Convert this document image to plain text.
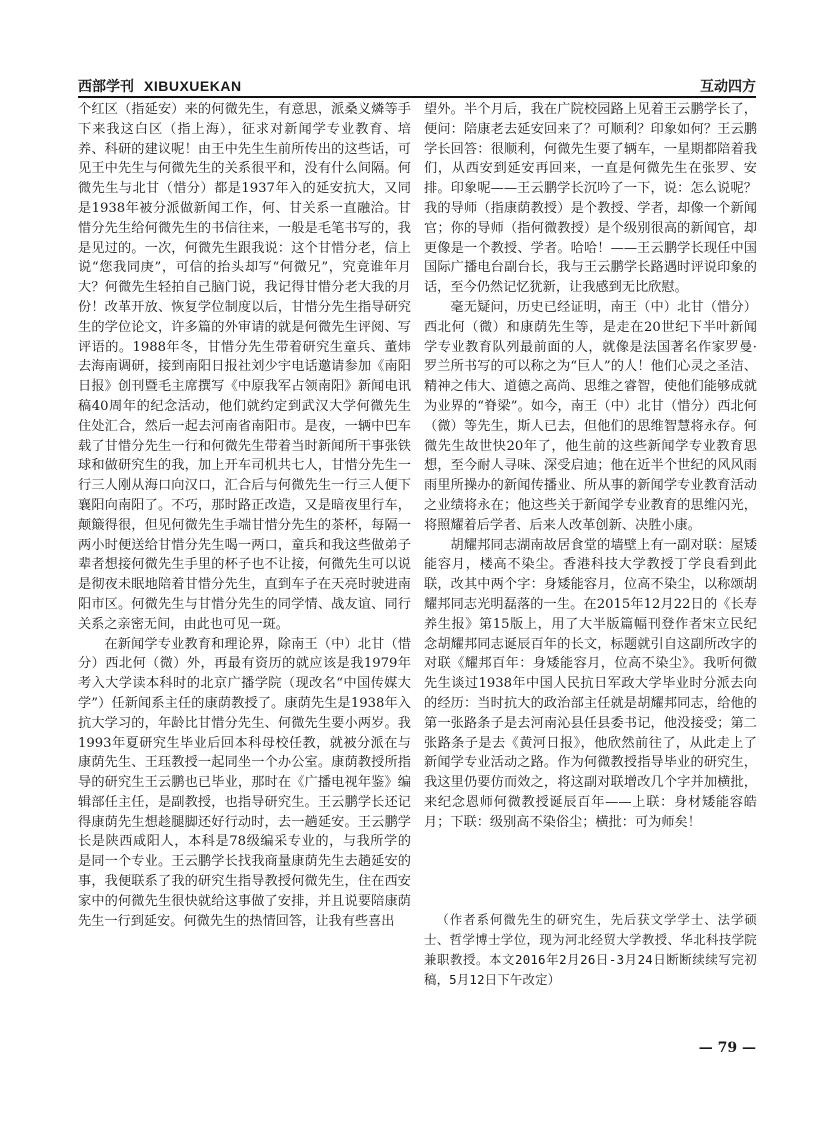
西部学刊 XIBUXUEKAN	互动四方

个红区（指延安）来的何微先生，有意思，派桑义燐等手下来我这白区（指上海），征求对新闻学专业教育、培养、科研的建议呢！由王中先生生前所传出的这些话，可见王中先生与何微先生的关系很平和，没有什么间隔。何微先生与北甘（惜分）都是1937年入的延安抗大，又同是1938年被分派做新闻工作，何、甘关系一直融洽。甘惜分先生给何微先生的书信往来，一般是毛笔书写的，我是见过的。一次，何微先生跟我说：这个甘惜分老，信上说“您我同庚”，可信的抬头却写“何微兄”，究竟谁年月大？何微先生轻拍自己脑门说，我记得甘惜分老大我的月份！改革开放、恢复学位制度以后，甘惜分先生指导研究生的学位论文，许多篇的外审请的就是何微先生评阅、写评语的。1988年冬，甘惜分先生带着研究生童兵、董炜去海南调研，接到南阳日报社刘少宇电话邀请参加《南阳日报》创刊暨毛主席撰写《中原我军占领南阳》新闻电讯稿40周年的纪念活动，他们就约定到武汉大学何微先生住处汇合，然后一起去河南省南阳市。是夜，一辆中巴车载了甘惜分先生一行和何微先生带着当时新闻所干事张铁球和做研究生的我，加上开车司机共七人，甘惜分先生一行三人刚从海口向汉口，汇合后与何微先生一行三人便下襄阳向南阳了。不巧，那时路正改造，又是暗夜里行车，颠簸得很，但见何微先生手端甘惜分先生的茶杯，每隔一两小时便送给甘惜分先生喝一两口，童兵和我这些做弟子辈者想接何微先生手里的杯子也不让接，何微先生可以说是彻夜未眠地陪着甘惜分先生，直到车子在天亮时驶进南阳市区。何微先生与甘惜分先生的同学情、战友谊、同行关系之亲密无间，由此也可见一斑。

在新闻学专业教育和理论界，除南王（中）北甘（惜分）西北何（微）外，再最有资历的就应该是我1979年考入大学读本科时的北京广播学院（现改名“中国传媒大学”）任新闻系主任的康荫教授了。康荫先生是1938年入抗大学习的，年龄比甘惜分先生、何微先生要小两岁。我1993年夏研究生毕业后回本科母校任教，就被分派在与康荫先生、王珏教授一起同坐一个办公室。康荫教授所指导的研究生王云鹏也已毕业，那时在《广播电视年鉴》编辑部任主任，是副教授，也指导研究生。王云鹏学长还记得康荫先生想趁腿脚还好行动时，去一趟延安。王云鹏学长是陕西咸阳人，本科是78级编采专业的，与我所学的是同一个专业。王云鹏学长找我商量康荫先生去趟延安的事，我便联系了我的研究生指导教授何微先生，住在西安家中的何微先生很快就给这事做了安排，并且说要陪康荫先生一行到延安。何微先生的热情回答，让我有些喜出

望外。半个月后，我在广院校园路上见着王云鹏学长了，便问：陪康老去延安回来了？可顺利？印象如何？王云鹏学长回答：很顺利，何微先生要了辆车，一星期都陪着我们，从西安到延安再回来，一直是何微先生在张罗、安排。印象呢——王云鹏学长沉吟了一下，说：怎么说呢？我的导师（指康荫教授）是个教授、学者，却像一个新闻官；你的导师（指何微教授）是个级别很高的新闻官，却更像是一个教授、学者。哈哈！——王云鹏学长现任中国国际广播电台副台长，我与王云鹏学长路遇时评说印象的话，至今仍然记忆犹新，让我感到无比欣慰。

毫无疑问，历史已经证明，南王（中）北甘（惜分）西北何（微）和康荫先生等，是走在20世纪下半叶新闻学专业教育队列最前面的人，就像是法国著名作家罗曼·罗兰所书写的可以称之为“巨人”的人！他们心灵之圣洁、精神之伟大、道德之高尚、思维之睿智，使他们能够成就为业界的“脊梁”。如今，南王（中）北甘（惜分）西北何（微）等先生，斯人已去，但他们的思维智慧将永存。何微先生故世快20年了，他生前的这些新闻学专业教育思想，至今耐人寻味、深受启迪；他在近半个世纪的风风雨雨里所操办的新闻传播业、所从事的新闻学专业教育活动之业绩将永在；他这些关于新闻学专业教育的思维闪光，将照耀着后学者、后来人改革创新、决胜小康。

胡耀邦同志湖南故居食堂的墙壁上有一副对联：屋矮能容月，楼高不染尘。香港科技大学教授丁学良看到此联，改其中两个字：身矮能容月，位高不染尘，以称颂胡耀邦同志光明磊落的一生。在2015年12月22日的《长寿养生报》第15版上，用了大半版篇幅刊登作者宋立民纪念胡耀邦同志诞辰百年的长文，标题就引自这副所改字的对联《耀邦百年：身矮能容月，位高不染尘》。我听何微先生谈过1938年中国人民抗日军政大学毕业时分派去向的经历：当时抗大的政治部主任就是胡耀邦同志，给他的第一张路条子是去河南沁县任县委书记，他没接受；第二张路条子是去《黄河日报》，他欣然前往了，从此走上了新闻学专业活动之路。作为何微教授指导毕业的研究生，我这里仍要仿而效之，将这副对联增改几个字并加横批，来纪念恩师何微教授诞辰百年——上联：身材矮能容皓月；下联：级别高不染俗尘；横批：可为师矣！

（作者系何微先生的研究生，先后获文学学士、法学硕士、哲学博士学位，现为河北经贸大学教授、华北科技学院兼职教授。本文2016年2月26日-3月24日断断续续写完初稿，5月12日下午改定）

— 79 —
